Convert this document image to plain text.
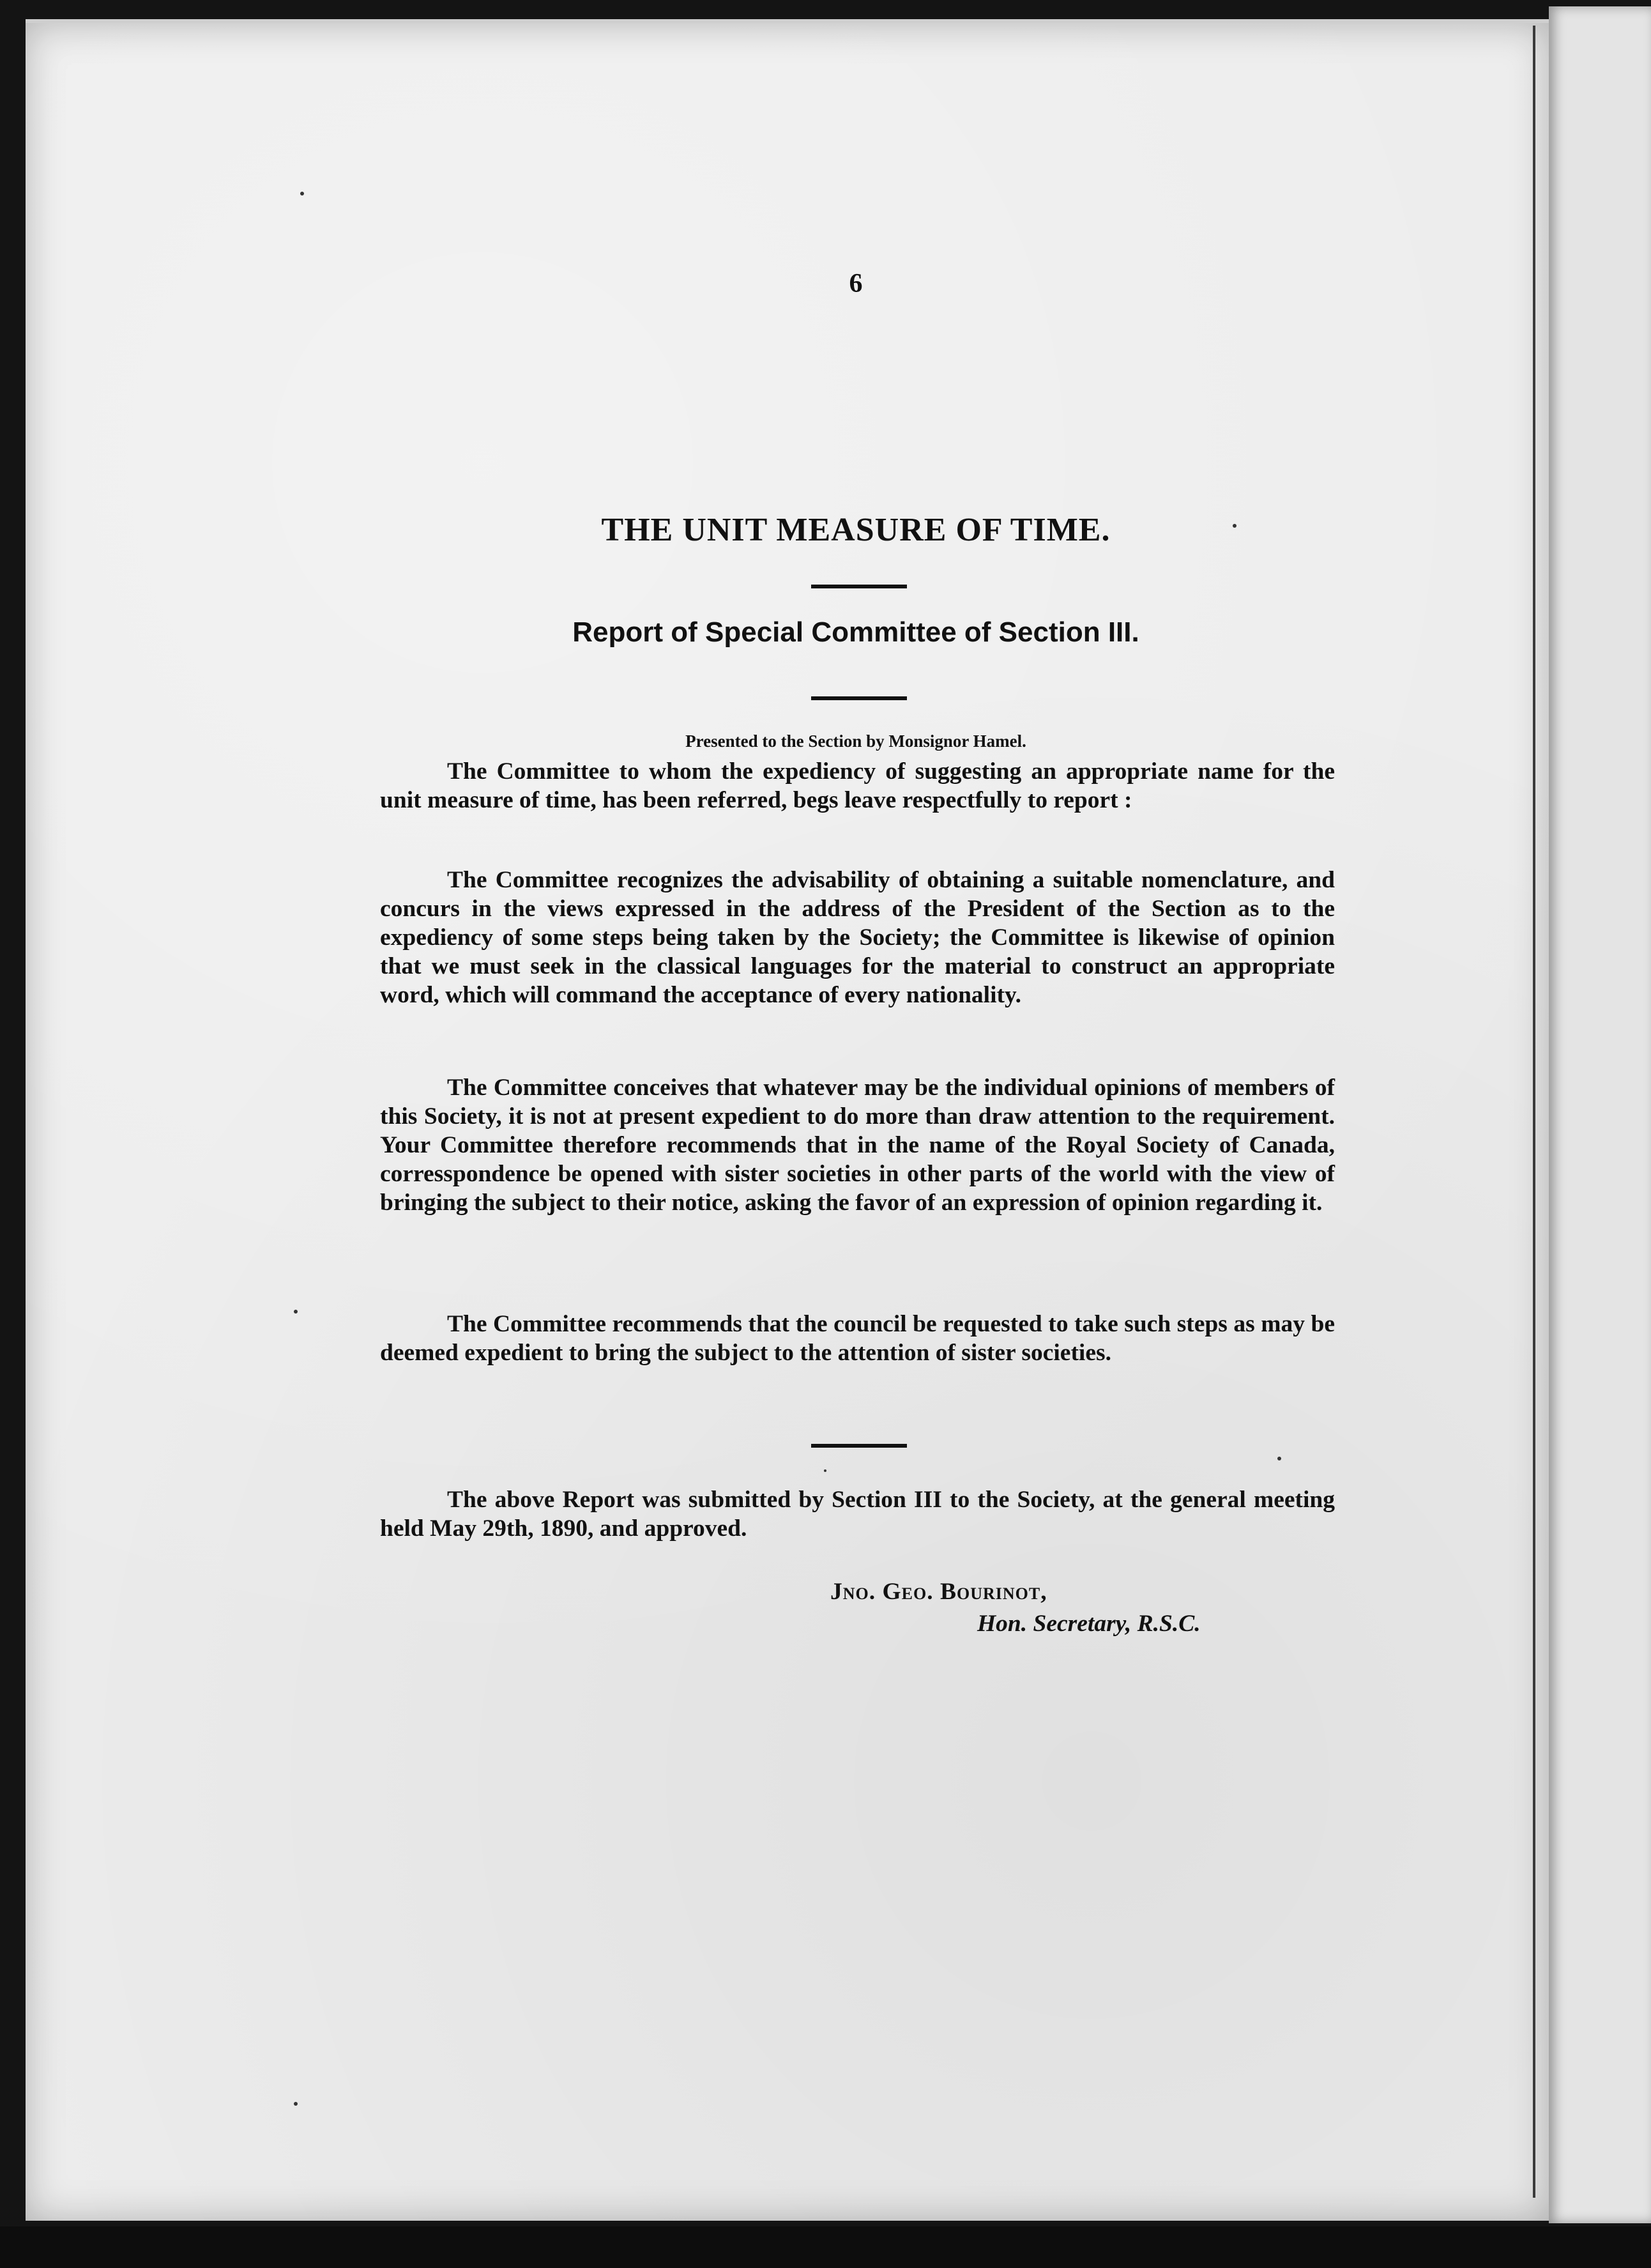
6

THE UNIT MEASURE OF TIME.
Report of Special Committee of Section III.

Presented to the Section by Monsignor Hamel.

The Committee to whom the expediency of suggesting an appropriate name for the unit measure of time, has been referred, begs leave respectfully to report :

The Committee recognizes the advisability of obtaining a suitable nomenclature, and concurs in the views expressed in the address of the President of the Section as to the expediency of some steps being taken by the Society; the Committee is likewise of opinion that we must seek in the classical languages for the material to construct an appropriate word, which will command the acceptance of every nationality.

The Committee conceives that whatever may be the individual opinions of members of this Society, it is not at present expedient to do more than draw attention to the requirement. Your Committee therefore recommends that in the name of the Royal Society of Canada, corresspondence be opened with sister societies in other parts of the world with the view of bringing the subject to their notice, asking the favor of an expression of opinion regarding it.

The Committee recommends that the council be requested to take such steps as may be deemed expedient to bring the subject to the attention of sister societies.

The above Report was submitted by Section III to the Society, at the general meeting held May 29th, 1890, and approved.

Jno. Geo. Bourinot,

Hon. Secretary, R.S.C.
